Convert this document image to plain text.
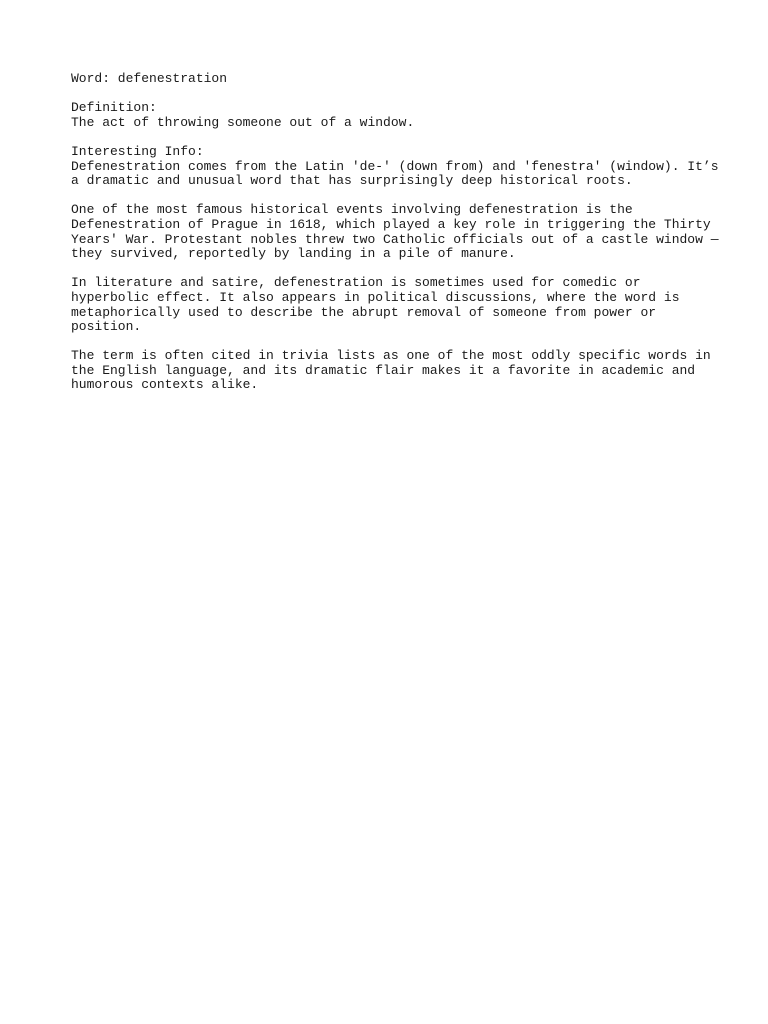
Word: defenestration
Definition:
The act of throwing someone out of a window.
Interesting Info:
Defenestration comes from the Latin 'de-' (down from) and 'fenestra' (window). It’s
a dramatic and unusual word that has surprisingly deep historical roots.
One of the most famous historical events involving defenestration is the
Defenestration of Prague in 1618, which played a key role in triggering the Thirty
Years' War. Protestant nobles threw two Catholic officials out of a castle window —
they survived, reportedly by landing in a pile of manure.
In literature and satire, defenestration is sometimes used for comedic or
hyperbolic effect. It also appears in political discussions, where the word is
metaphorically used to describe the abrupt removal of someone from power or
position.
The term is often cited in trivia lists as one of the most oddly specific words in
the English language, and its dramatic flair makes it a favorite in academic and
humorous contexts alike.
